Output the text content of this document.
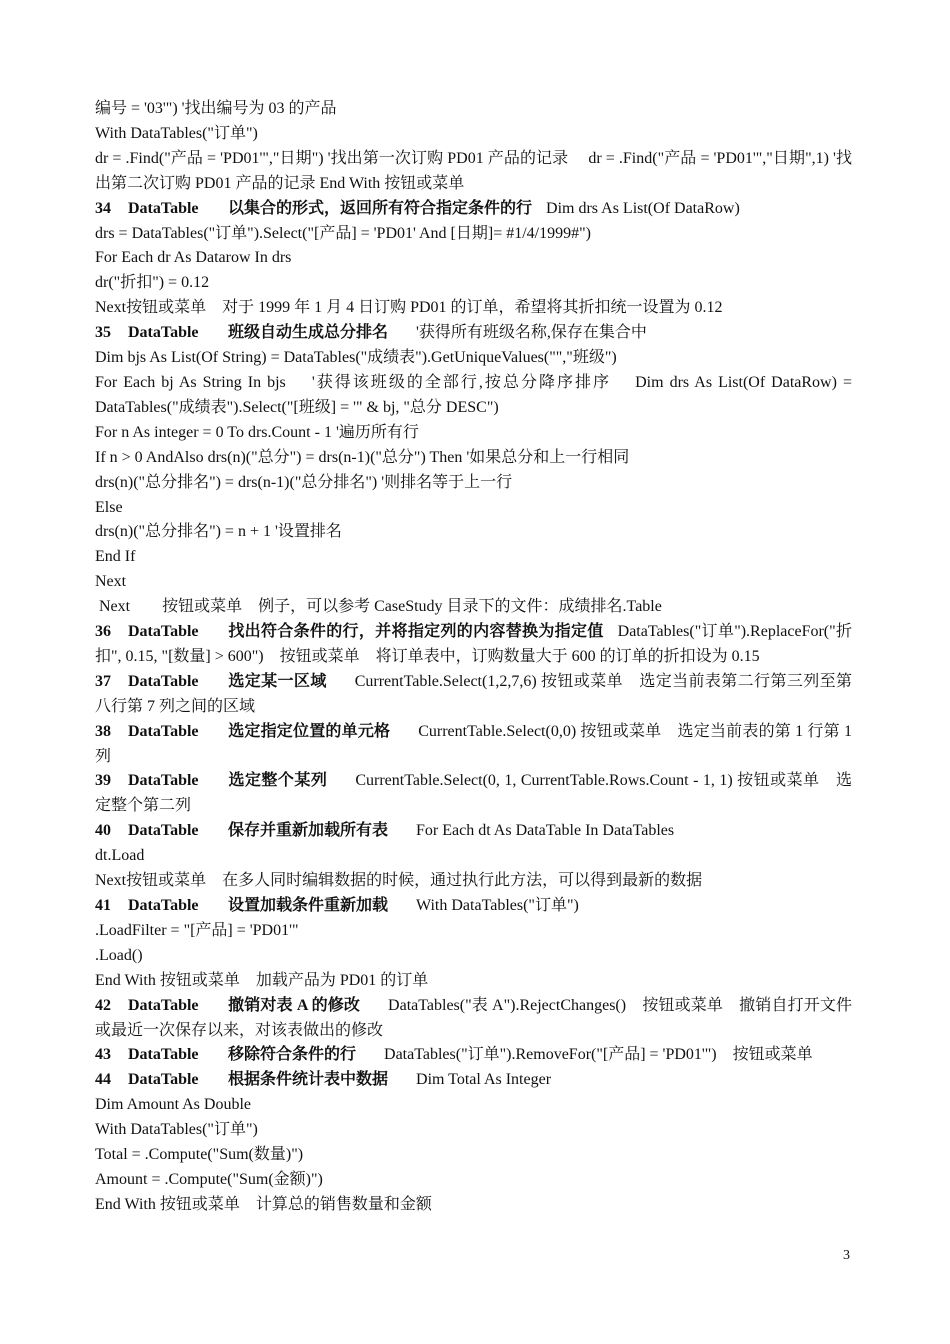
编号 = '03'") '找出编号为 03 的产品

With DataTables("订单")

dr = .Find("产品 = 'PD01'","日期") '找出第一次订购 PD01 产品的记录　 dr = .Find("产品 = 'PD01'","日期",1) '找出第二次订购 PD01 产品的记录 End With 按钮或菜单

34 DataTable 以集合的形式，返回所有符合指定条件的行 Dim drs As List(Of DataRow)

drs = DataTables("订单").Select("[产品] = 'PD01' And [日期]= #1/4/1999#")

For Each dr As Datarow In drs

dr("折扣") = 0.12

Next按钮或菜单　对于 1999 年 1 月 4 日订购 PD01 的订单，希望将其折扣统一设置为 0.12

35 DataTable 班级自动生成总分排名 '获得所有班级名称,保存在集合中

Dim bjs As List(Of String) = DataTables("成绩表").GetUniqueValues("","班级")

For Each bj As String In bjs　 '获得该班级的全部行,按总分降序排序　 Dim drs As List(Of DataRow) = DataTables("成绩表").Select("[班级] = '" & bj, "总分 DESC")

For n As integer = 0 To drs.Count - 1 '遍历所有行

If n > 0 AndAlso drs(n)("总分") = drs(n-1)("总分") Then '如果总分和上一行相同

drs(n)("总分排名") = drs(n-1)("总分排名") '则排名等于上一行

Else

drs(n)("总分排名") = n + 1 '设置排名

End If

Next

Next　　按钮或菜单　例子，可以参考 CaseStudy 目录下的文件：成绩排名.Table

36 DataTable 找出符合条件的行，并将指定列的内容替换为指定值 DataTables("订单").ReplaceFor("折扣", 0.15, "[数量] > 600")　按钮或菜单　将订单表中，订购数量大于 600 的订单的折扣设为 0.15

37 DataTable 选定某一区域 CurrentTable.Select(1,2,7,6) 按钮或菜单　选定当前表第二行第三列至第八行第 7 列之间的区域

38 DataTable 选定指定位置的单元格 CurrentTable.Select(0,0) 按钮或菜单　选定当前表的第 1 行第 1 列

39 DataTable 选定整个某列 CurrentTable.Select(0, 1, CurrentTable.Rows.Count - 1, 1) 按钮或菜单　选定整个第二列

40 DataTable 保存并重新加载所有表 For Each dt As DataTable In DataTables

dt.Load

Next按钮或菜单　在多人同时编辑数据的时候，通过执行此方法，可以得到最新的数据

41 DataTable 设置加载条件重新加载 With DataTables("订单")

.LoadFilter = "[产品] = 'PD01'"

.Load()

End With 按钮或菜单　加载产品为 PD01 的订单

42 DataTable 撤销对表 A 的修改 DataTables("表 A").RejectChanges()　按钮或菜单　撤销自打开文件或最近一次保存以来，对该表做出的修改

43 DataTable 移除符合条件的行 DataTables("订单").RemoveFor("[产品] = 'PD01'")　按钮或菜单

44 DataTable 根据条件统计表中数据 Dim Total As Integer

Dim Amount As Double

With DataTables("订单")

Total = .Compute("Sum(数量)")

Amount = .Compute("Sum(金额)")

End With 按钮或菜单　计算总的销售数量和金额

3
